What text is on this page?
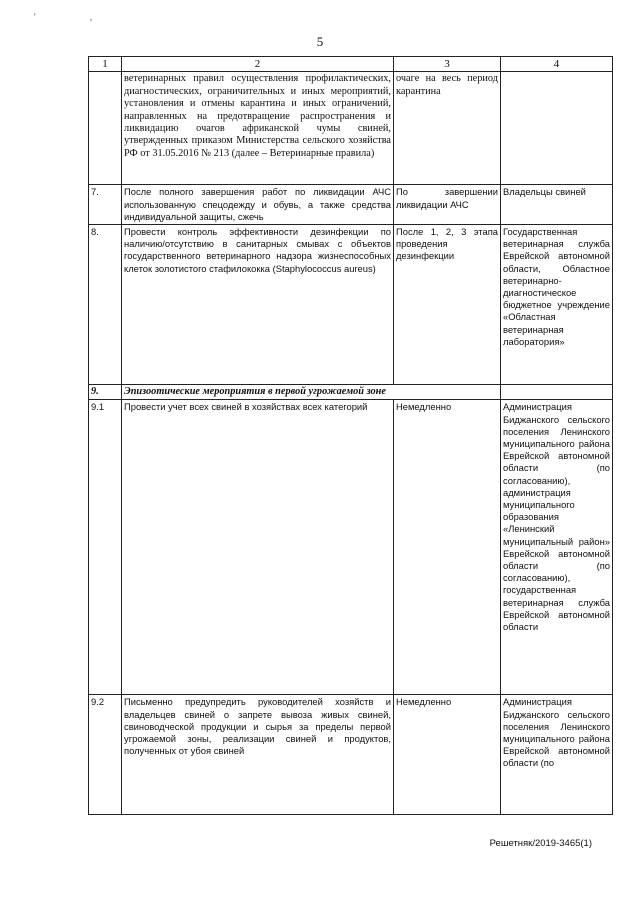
' ,
5
1	2	3	4
	ветеринарных правил осуществления профилактических, диагностических, ограничительных и иных мероприятий, установления и отмены карантина и иных ограничений, направленных на предотвращение распространения и ликвидацию очагов африканской чумы свиней, утвержденных приказом Министерства сельского хозяйства РФ от 31.05.2016 № 213 (далее – Ветеринарные правила)	очаге на весь период карантина	
7.	После полного завершения работ по ликвидации АЧС использованную спецодежду и обувь, а также средства индивидуальной защиты, сжечь	По завершении ликвидации АЧС	Владельцы свиней
8.	Провести контроль эффективности дезинфекции по наличию/отсутствию в санитарных смывах с объектов государственного ветеринарного надзора жизнеспособных клеток золотистого стафилококка (Staphylococcus aureus)	После 1, 2, 3 этапа проведения дезинфекции	Государственная ветеринарная служба Еврейской автономной области, Областное ветеринарно-диагностическое бюджетное учреждение «Областная ветеринарная лаборатория»
9.	Эпизоотические мероприятия в первой угрожаемой зоне		
9.1	Провести учет всех свиней в хозяйствах всех категорий	Немедленно	Администрация Биджанского сельского поселения Ленинского муниципального района Еврейской автономной области (по согласованию), администрация муниципального образования «Ленинский муниципальный район» Еврейской автономной области (по согласованию), государственная ветеринарная служба Еврейской автономной области
9.2	Письменно предупредить руководителей хозяйств и владельцев свиней о запрете вывоза живых свиней, свиноводческой продукции и сырья за пределы первой угрожаемой зоны, реализации свиней и продуктов, полученных от убоя свиней	Немедленно	Администрация Биджанского сельского поселения Ленинского муниципального района Еврейской автономной области (по
Решетняк/2019-3465(1)
